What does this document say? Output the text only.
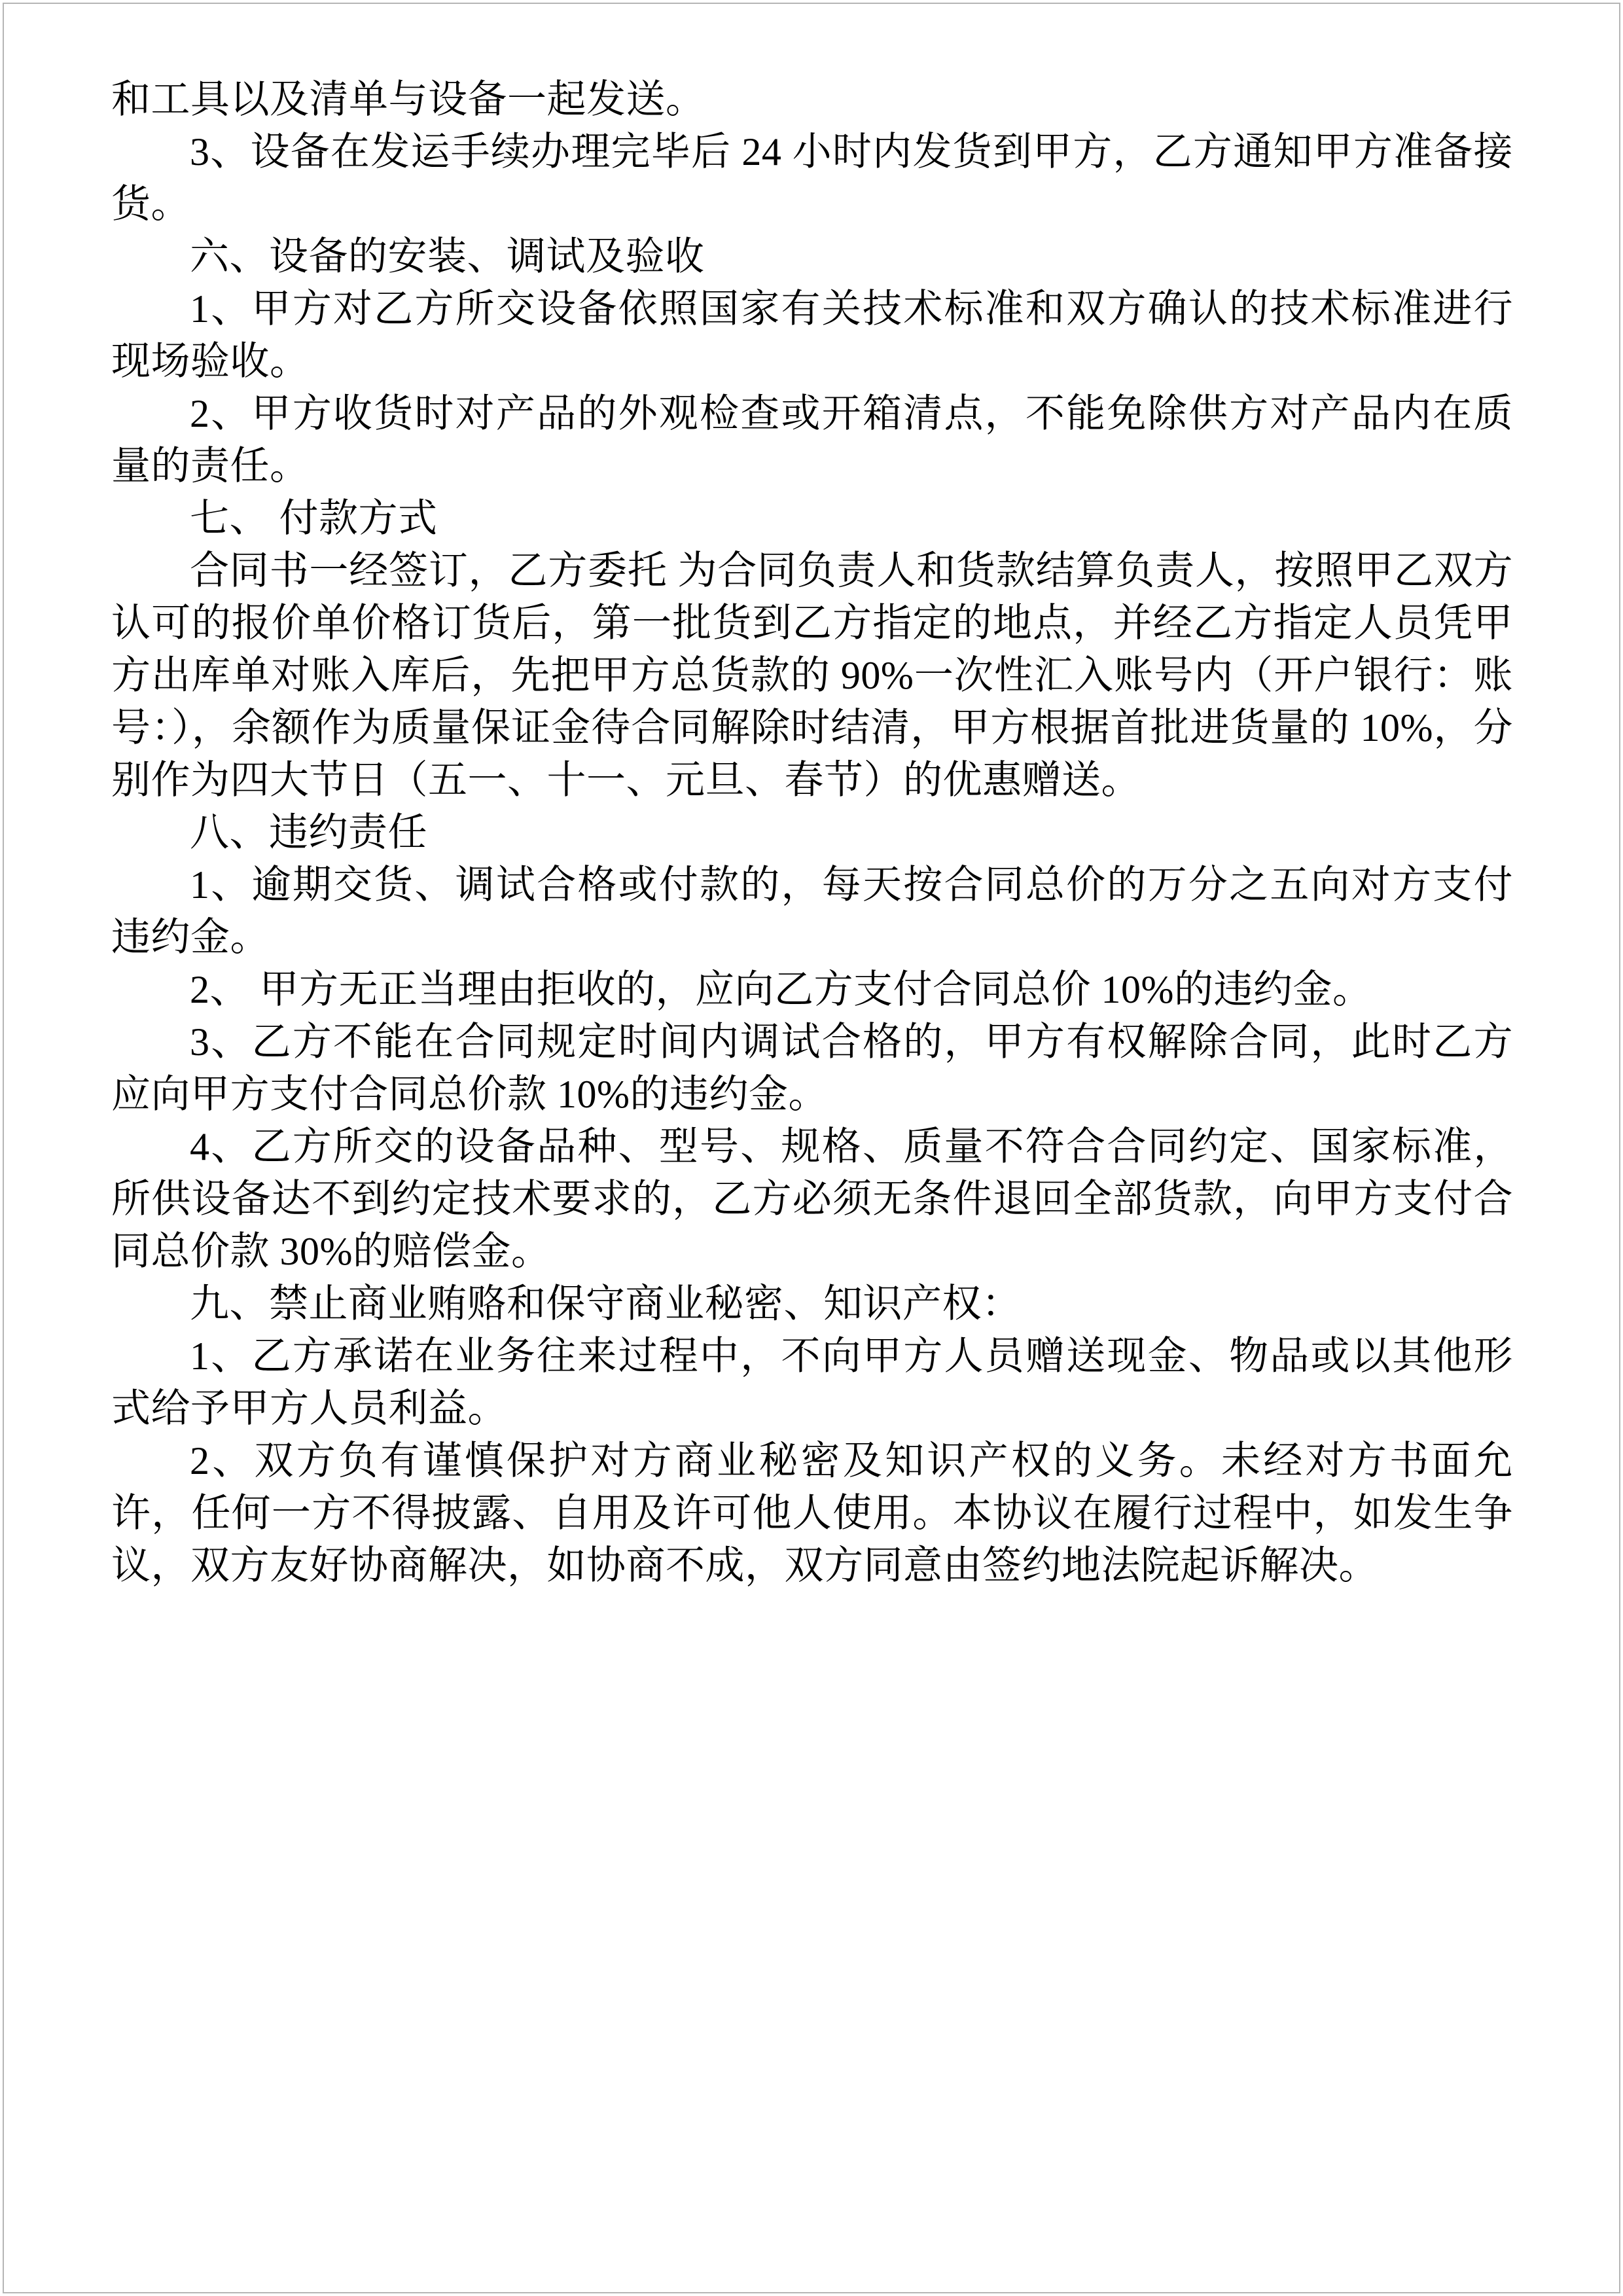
和工具以及清单与设备一起发送。

3、设备在发运手续办理完毕后 24 小时内发货到甲方，乙方通知甲方准备接货。

六、设备的安装、调试及验收

1、甲方对乙方所交设备依照国家有关技术标准和双方确认的技术标准进行现场验收。

2、甲方收货时对产品的外观检查或开箱清点，不能免除供方对产品内在质量的责任。

七、 付款方式

合同书一经签订，乙方委托 为合同负责人和货款结算负责人，按照甲乙双方认可的报价单价格订货后，第一批货到乙方指定的地点，并经乙方指定人员凭甲方出库单对账入库后，先把甲方总货款的 90%一次性汇入账号内（开户银行：账号：），余额作为质量保证金待合同解除时结清，甲方根据首批进货量的 10%，分别作为四大节日（五一、十一、元旦、春节）的优惠赠送。

八、违约责任

1、逾期交货、调试合格或付款的，每天按合同总价的万分之五向对方支付违约金。

2、 甲方无正当理由拒收的，应向乙方支付合同总价 10%的违约金。

3、乙方不能在合同规定时间内调试合格的，甲方有权解除合同，此时乙方应向甲方支付合同总价款 10%的违约金。

4、乙方所交的设备品种、型号、规格、质量不符合合同约定、国家标准，所供设备达不到约定技术要求的，乙方必须无条件退回全部货款，向甲方支付合同总价款 30%的赔偿金。

九、禁止商业贿赂和保守商业秘密、知识产权：

1、乙方承诺在业务往来过程中，不向甲方人员赠送现金、物品或以其他形式给予甲方人员利益。

2、双方负有谨慎保护对方商业秘密及知识产权的义务。未经对方书面允许，任何一方不得披露、自用及许可他人使用。本协议在履行过程中，如发生争议，双方友好协商解决，如协商不成，双方同意由签约地法院起诉解决。
